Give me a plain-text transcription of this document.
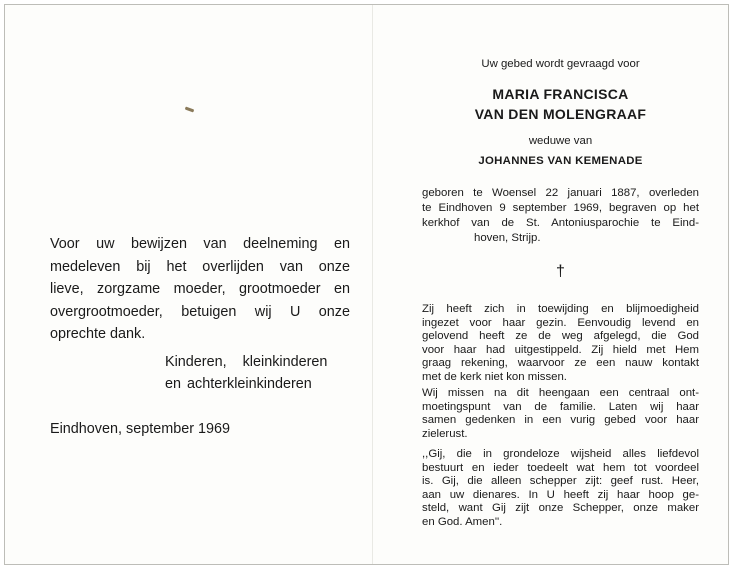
Voor uw bewijzen van deelneming en
medeleven bij het overlijden van onze
lieve, zorgzame moeder, grootmoeder en
overgrootmoeder, betuigen wij U onze
oprechte dank.
Kinderen, kleinkinderen
en achterkleinkinderen
Eindhoven, september 1969
Uw gebed wordt gevraagd voor
MARIA FRANCISCA
VAN DEN MOLENGRAAF
weduwe van
JOHANNES VAN KEMENADE
geboren te Woensel 22 januari 1887, overleden
te Eindhoven 9 september 1969, begraven op het
kerkhof van de St. Antoniusparochie te Eind-
hoven, Strijp.
†
Zij heeft zich in toewijding en blijmoedigheid
ingezet voor haar gezin. Eenvoudig levend en
gelovend heeft ze de weg afgelegd, die God
voor haar had uitgestippeld. Zij hield met Hem
graag rekening, waarvoor ze een nauw kontakt
met de kerk niet kon missen.
Wij missen na dit heengaan een centraal ont-
moetingspunt van de familie. Laten wij haar
samen gedenken in een vurig gebed voor haar
zielerust.
,,Gij, die in grondeloze wijsheid alles liefdevol
bestuurt en ieder toedeelt wat hem tot voordeel
is. Gij, die alleen schepper zijt: geef rust. Heer,
aan uw dienares. In U heeft zij haar hoop ge-
steld, want Gij zijt onze Schepper, onze maker
en God. Amen''.
